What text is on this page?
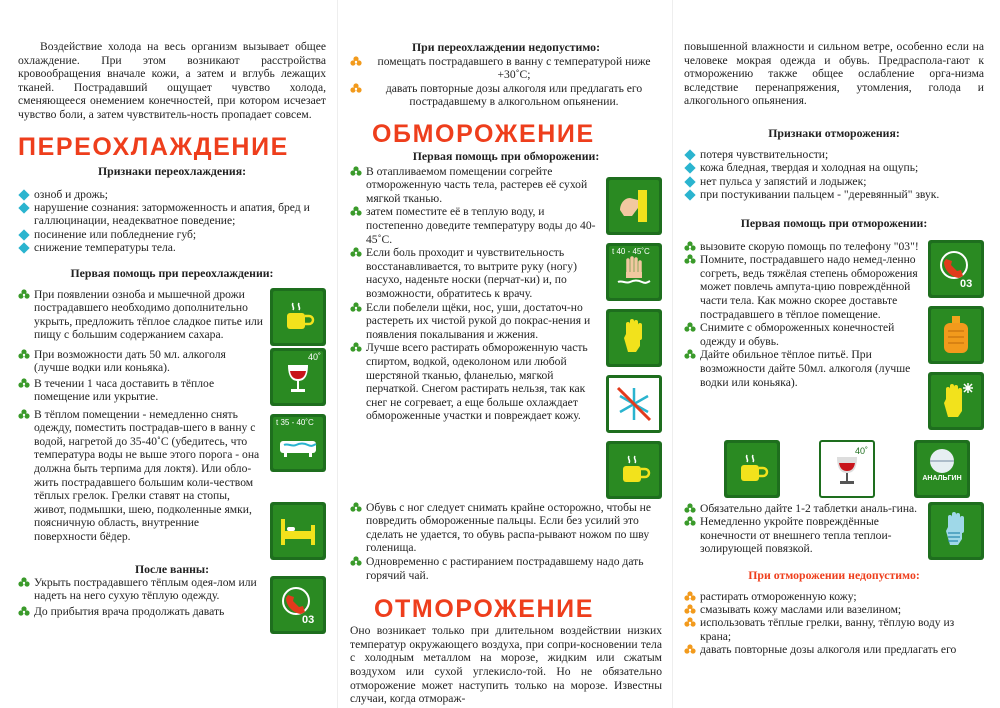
Воздействие холода на весь организм вызывает общее охлаждение. При этом возникают расстройства кровообращения вначале кожи, а затем и вглубь лежащих тканей. Пострадавший ощущает чувство холода, сменяющееся онемением конечностей, при котором исчезает чувство боли, а затем чувствитель-ность пропадает совсем.

ПЕРЕОХЛАЖДЕНИЕ

Признаки переохлаждения:

озноб и дрожь;
нарушение сознания: заторможенность и апатия, бред и галлюцинации, неадекватное поведение;
посинение или побледнение губ;
снижение температуры тела.

Первая помощь при переохлаждении:

При появлении озноба и мышечной дрожи пострадавшего необходимо дополнительно укрыть, предложить тёплое сладкое питье или пищу с большим содержанием сахара.
При возможности дать 50 мл. алкоголя (лучше водки или коньяка).
В течении 1 часа доставить в тёплое помещение или укрытие.
40˚
В тёплом помещении - немедленно снять одежду, поместить пострадав-шего в ванну с водой, нагретой до 35-40˚С (убедитесь, что температура воды не выше этого порога - она должна быть терпима для локтя). Или обло-жить пострадавшего большим коли-чеством тёплых грелок. Грелки ставят на стопы, живот, подмышки, шею, подколенные ямки, поясничную область, внутренние поверхности бёдер.
t 35 - 40˚C

После ванны:

Укрыть пострадавшего тёплым одея-лом или надеть на него сухую тёплую одежду.
До прибытия врача продолжать давать
03

При переохлаждении недопустимо:

помещать пострадавшего в ванну с температурой ниже +30˚С;
давать повторные дозы алкоголя или предлагать его пострадавшему в алкогольном опьянении.
ОБМОРОЖЕНИЕ

Первая помощь при обморожении:

В отапливаемом помещении согрейте отмороженную часть тела, растерев её сухой мягкой тканью.
затем поместите её в теплую воду, и постепенно доведите температуру воды до 40-45˚С.
Если боль проходит и чувствительность восстанавливается, то вытрите руку (ногу) насухо, наденьте носки (перчат-ки) и, по возможности, обратитесь к врачу.
Если побелели щёки, нос, уши, достаточ-но растереть их чистой рукой до покрас-нения и появления покалывания и жжения.
Лучше всего растирать обмороженную часть спиртом, водкой, одеколоном или любой шерстяной тканью, фланелью, мягкой перчаткой. Снегом растирать нельзя, так как снег не согревает, а еще больше охлаждает обмороженные участки и повреждает кожу.
t 40 - 45˚C
Обувь с ног следует снимать крайне осторожно, чтобы не повредить обмороженные пальцы. Если без усилий это сделать не удается, то обувь распа-рывают ножом по шву голенища.
Одновременно с растиранием пострадавшему надо дать горячий чай.
ОТМОРОЖЕНИЕ

Оно возникает только при длительном воздействии низких температур окружающего воздуха, при сопри-косновении тела с холодным металлом на морозе, жидким или сжатым воздухом или сухой углекисло-той. Но не обязательно отморожение может наступить только на морозе. Известны случаи, когда отмораж-

повышенной влажности и сильном ветре, особенно если на человеке мокрая одежда и обувь. Предраспола-гают к отморожению также общее ослабление орга-низма вследствие перенапряжения, утомления, голода и алкогольного опьянения.

Признаки отморожения:

потеря чувствительности;
кожа бледная, твердая и холодная на ощупь;
нет пульса у запястий и лодыжек;
при постукивании пальцем - "деревянный" звук.

Первая помощь при отморожении:

вызовите скорую помощь по телефону "03"!
Помните, пострадавшего надо немед-ленно согреть, ведь тяжёлая степень обморожения может повлечь ампута-цию повреждённой части тела. Как можно скорее доставьте пострадавшего в тёплое помещение.
Снимите с обмороженных конечностей одежду и обувь.
Дайте обильное тёплое питьё. При возможности дайте 50мл. алкоголя (лучше водки или коньяка).
03
40˚
АНАЛЬГИН
Обязательно дайте 1-2 таблетки аналь-гина.
Немедленно укройте повреждённые конечности от внешнего тепла теплои-золирующей повязкой.

При отморожении недопустимо:

растирать отмороженную кожу;
смазывать кожу маслами или вазелином;
использовать тёплые грелки, ванну, тёплую воду из крана;
давать повторные дозы алкоголя или предлагать его
